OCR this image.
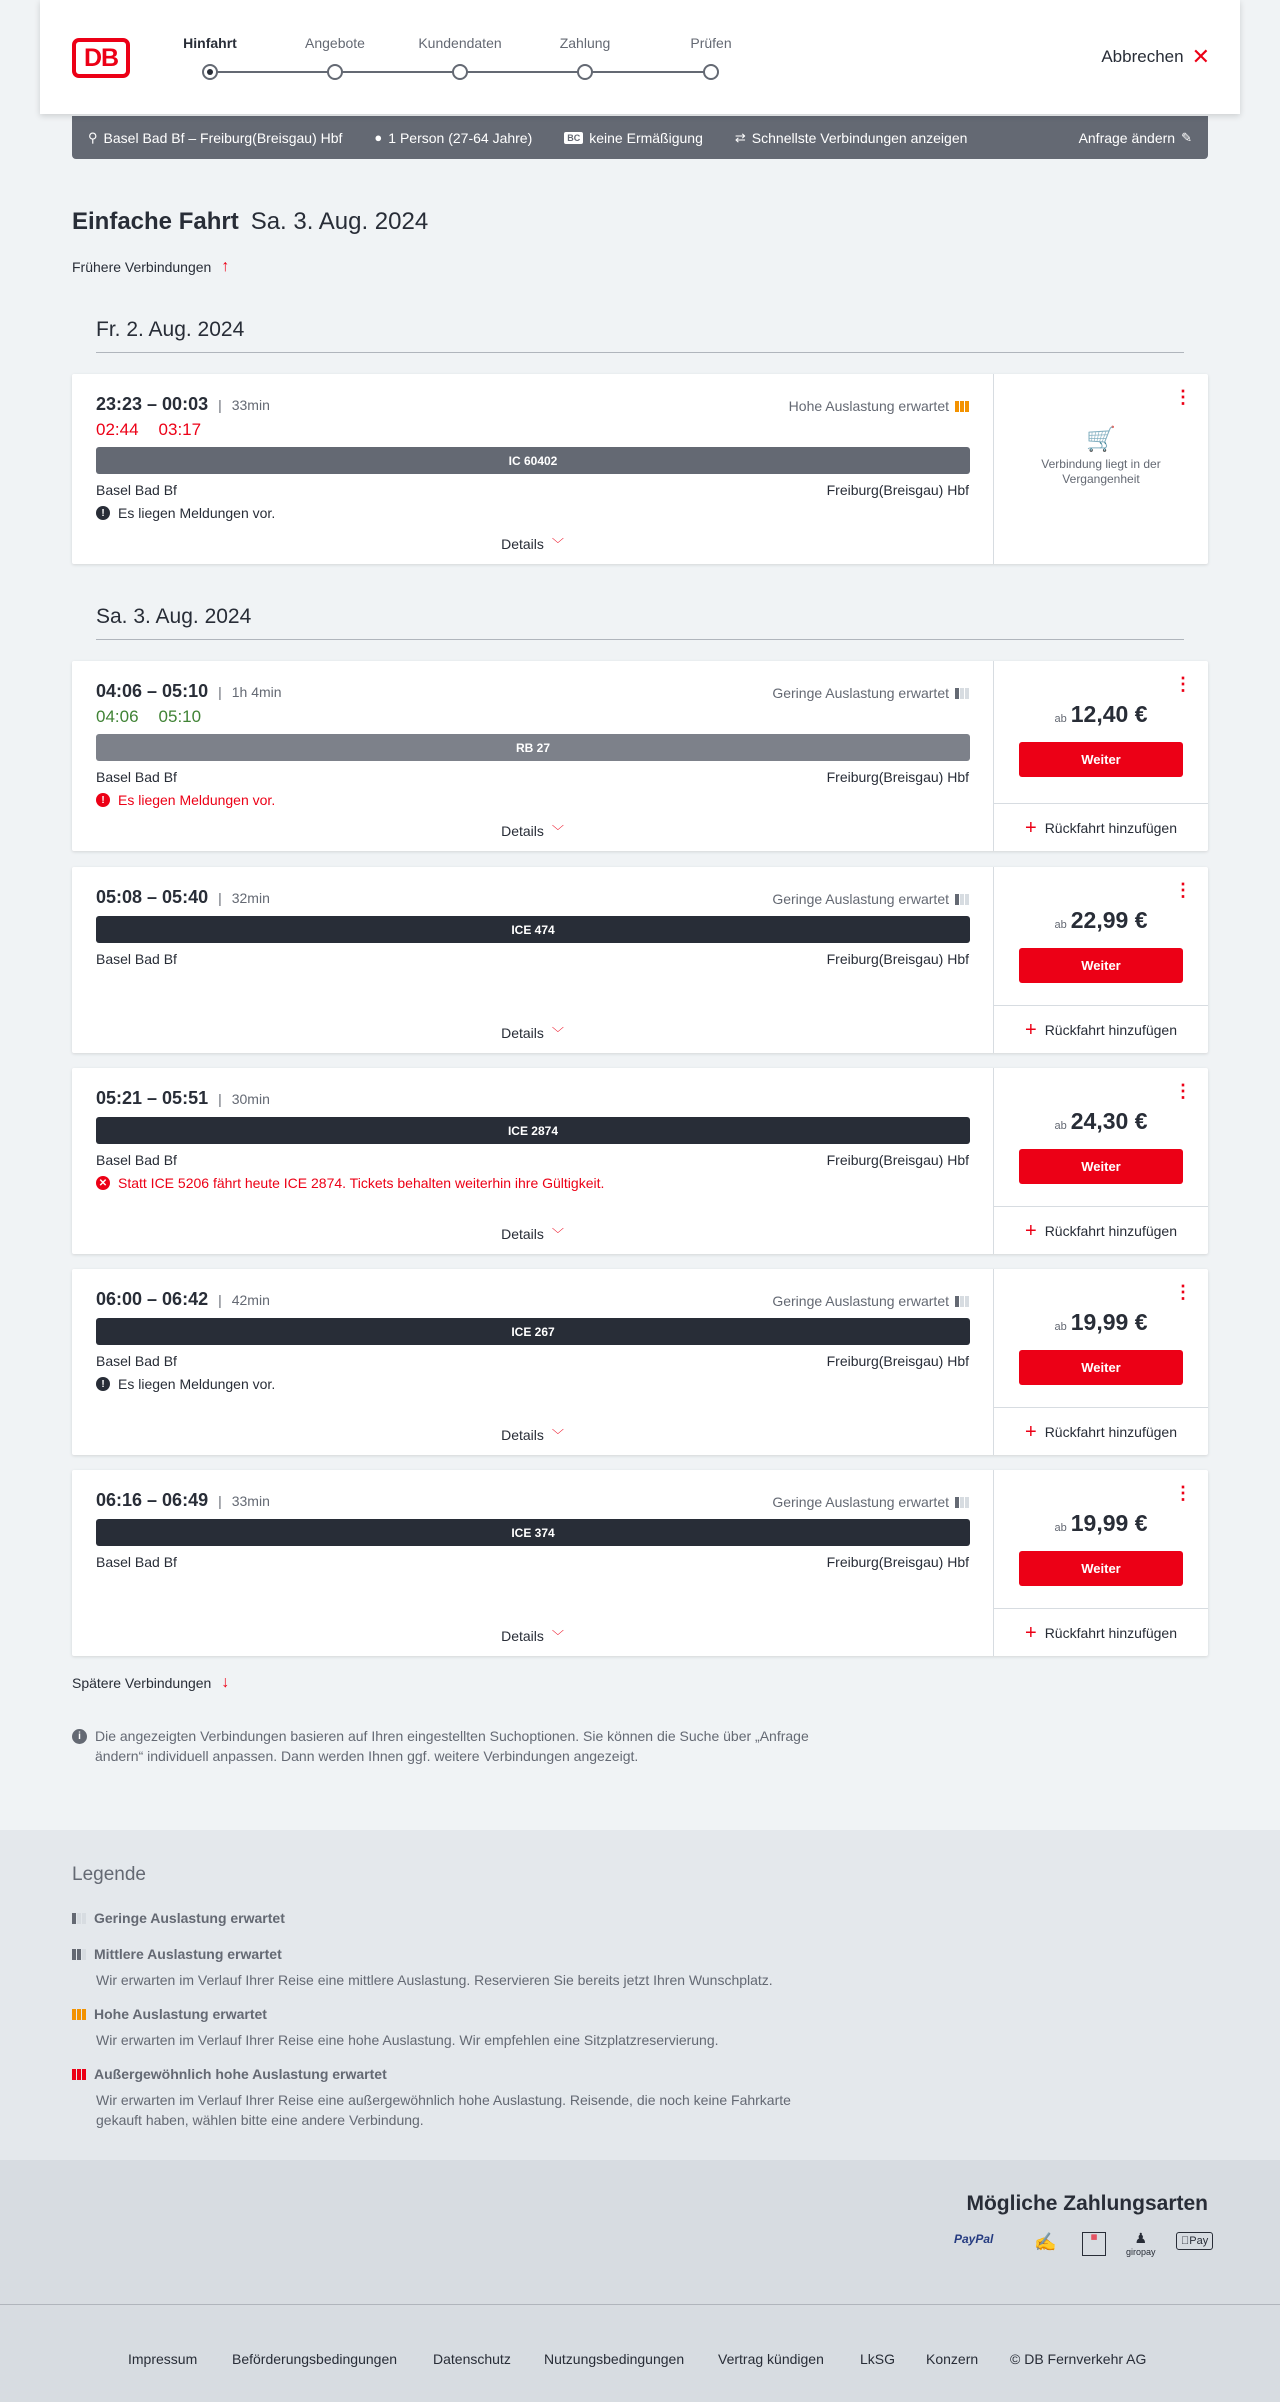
DB
Hinfahrt	Angebote	Kundendaten	Zahlung	Prüfen
Abbrechen ✕
⚲ Basel Bad Bf – Freiburg(Breisgau) Hbf ● 1 Person (27-64 Jahre)	BC keine Ermäßigung ⇄ Schnellste Verbindungen anzeigen	Anfrage ändern ✎
Einfache Fahrt Sa. 3. Aug. 2024
Frühere Verbindungen ↑
Fr. 2. Aug. 2024
23:23 – 00:03 | 33min
02:44 03:17
Hohe Auslastung erwartet
IC 60402
Basel Bad Bf	Freiburg(Breisgau) Hbf
! Es liegen Meldungen vor.
Details ﹀
⋮
🛒
Verbindung liegt in der Vergangenheit
Sa. 3. Aug. 2024
04:06 – 05:10 | 1h 4min
04:06 05:10
Geringe Auslastung erwartet
RB 27
Basel Bad Bf	Freiburg(Breisgau) Hbf
! Es liegen Meldungen vor.
Details ﹀
⋮
ab 12,40 €
Weiter
+ Rückfahrt hinzufügen
05:08 – 05:40 | 32min	Geringe Auslastung erwartet
ICE 474
Basel Bad Bf	Freiburg(Breisgau) Hbf
Details ﹀
⋮
ab 22,99 €
Weiter
+ Rückfahrt hinzufügen
05:21 – 05:51 | 30min
ICE 2874
Basel Bad Bf	Freiburg(Breisgau) Hbf
✕ Statt ICE 5206 fährt heute ICE 2874. Tickets behalten weiterhin ihre Gültigkeit.
Details ﹀
⋮
ab 24,30 €
Weiter
+ Rückfahrt hinzufügen
06:00 – 06:42 | 42min	Geringe Auslastung erwartet
ICE 267
Basel Bad Bf	Freiburg(Breisgau) Hbf
! Es liegen Meldungen vor.
Details ﹀
⋮
ab 19,99 €
Weiter
+ Rückfahrt hinzufügen
06:16 – 06:49 | 33min	Geringe Auslastung erwartet
ICE 374
Basel Bad Bf	Freiburg(Breisgau) Hbf
Details ﹀
⋮
ab 19,99 €
Weiter
+ Rückfahrt hinzufügen
Spätere Verbindungen ↓
i	Die angezeigten Verbindungen basieren auf Ihren eingestellten Suchoptionen. Sie können die Suche über „Anfrage ändern“ individuell anpassen. Dann werden Ihnen ggf. weitere Verbindungen angezeigt.
Legende
Geringe Auslastung erwartet
Mittlere Auslastung erwartet
Wir erwarten im Verlauf Ihrer Reise eine mittlere Auslastung. Reservieren Sie bereits jetzt Ihren Wunschplatz.
Hohe Auslastung erwartet
Wir erwarten im Verlauf Ihrer Reise eine hohe Auslastung. Wir empfehlen eine Sitzplatzreservierung.
Außergewöhnlich hohe Auslastung erwartet
Wir erwarten im Verlauf Ihrer Reise eine außergewöhnlich hohe Auslastung. Reisende, die noch keine Fahrkarte gekauft haben, wählen bitte eine andere Verbindung.
Mögliche Zahlungsarten
PayPal ✍	▦	♟
giropay
Pay
Impressum Beförderungsbedingungen	Datenschutz Nutzungsbedingungen Vertrag kündigen	LkSG Konzern © DB Fernverkehr AG
